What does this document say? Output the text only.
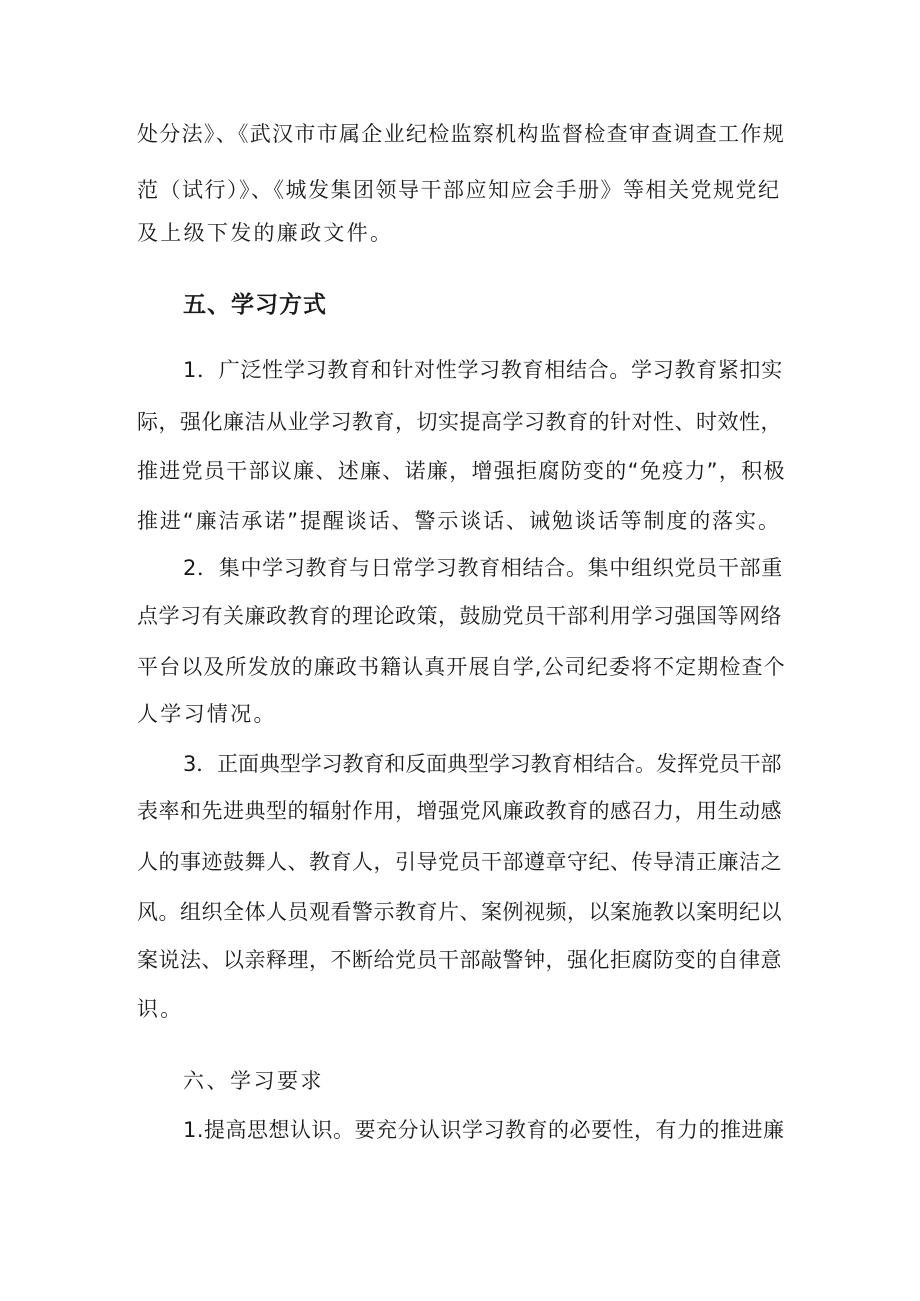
处分法》、《武汉市市属企业纪检监察机构监督检查审查调查工作规
范（试行）》、《城发集团领导干部应知应会手册》等相关党规党纪
及上级下发的廉政文件。
五、学习方式
1．广泛性学习教育和针对性学习教育相结合。学习教育紧扣实
际，强化廉洁从业学习教育，切实提高学习教育的针对性、时效性，
推进党员干部议廉、述廉、诺廉，增强拒腐防变的“免疫力”，积极
推进“廉洁承诺”提醒谈话、警示谈话、诫勉谈话等制度的落实。
2．集中学习教育与日常学习教育相结合。集中组织党员干部重
点学习有关廉政教育的理论政策，鼓励党员干部利用学习强国等网络
平台以及所发放的廉政书籍认真开展自学,公司纪委将不定期检查个
人学习情况。
3．正面典型学习教育和反面典型学习教育相结合。发挥党员干部
表率和先进典型的辐射作用，增强党风廉政教育的感召力，用生动感
人的事迹鼓舞人、教育人，引导党员干部遵章守纪、传导清正廉洁之
风。组织全体人员观看警示教育片、案例视频，以案施教以案明纪以
案说法、以亲释理，不断给党员干部敲警钟，强化拒腐防变的自律意
识。
六、学习要求
1.提高思想认识。要充分认识学习教育的必要性，有力的推进廉
